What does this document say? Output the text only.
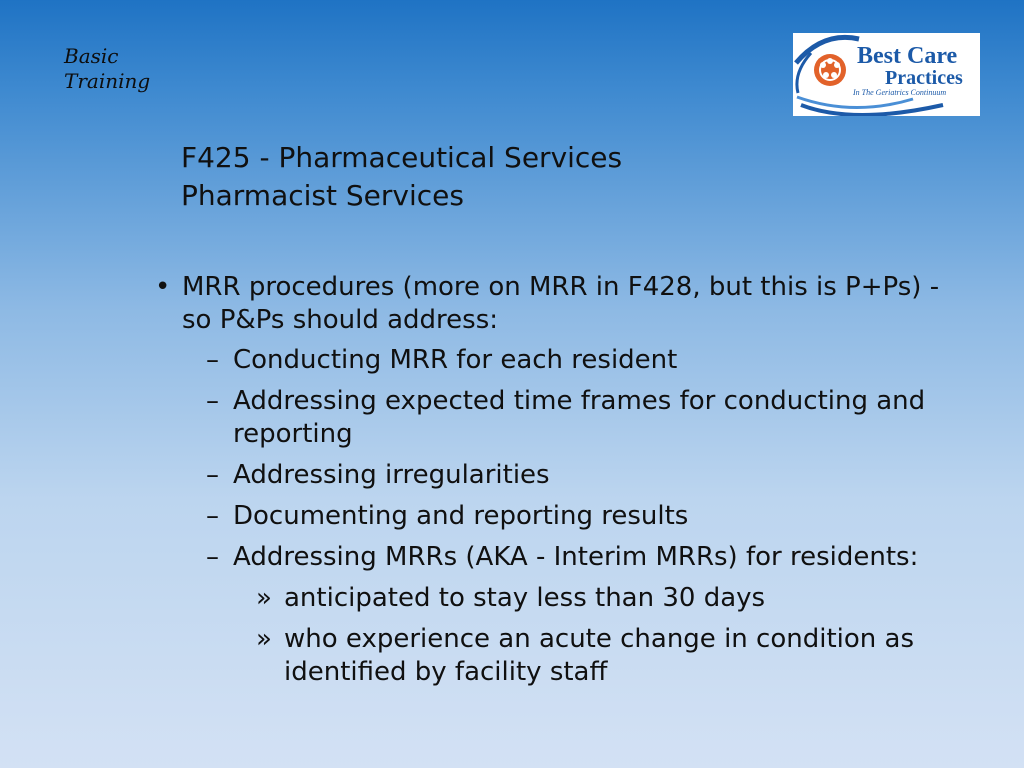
Basic
Training
Best Care
Practices
In The Geriatrics Continuum
F425 - Pharmaceutical Services
Pharmacist Services
• MRR procedures (more on MRR in F428, but this is P+Ps) - so P&Ps should address:
– Conducting MRR for each resident
– Addressing expected time frames for conducting and reporting
– Addressing irregularities
– Documenting and reporting results
– Addressing MRRs (AKA - Interim MRRs) for residents:
» anticipated to stay less than 30 days
» who experience an acute change in condition as identified by facility staff
